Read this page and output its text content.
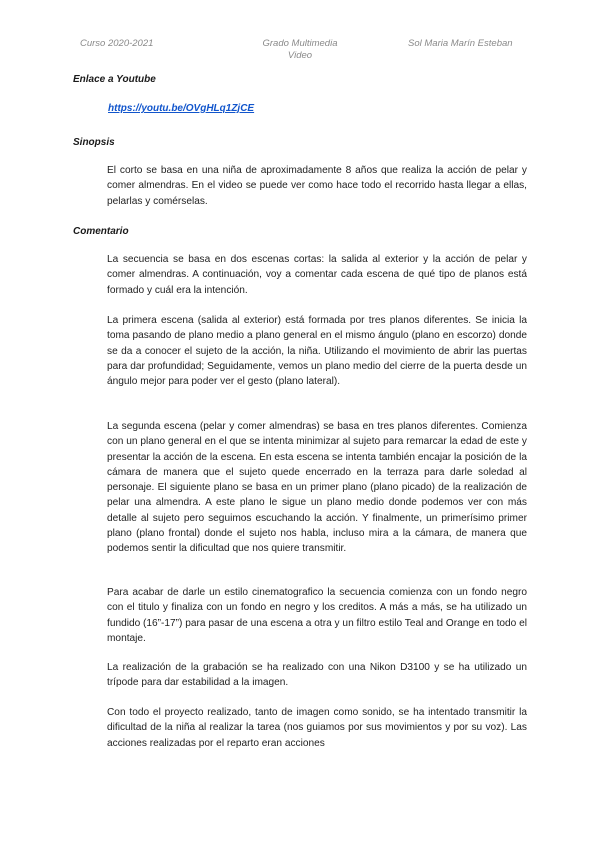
Curso 2020-2021	Grado Multimedia
Video
Sol Maria Marín Esteban
Enlace a Youtube
https://youtu.be/OVgHLq1ZjCE
Sinopsis

El corto se basa en una niña de aproximadamente 8 años que realiza la acción de pelar y comer almendras. En el video se puede ver como hace todo el recorrido hasta llegar a ellas, pelarlas y comérselas.

Comentario

La secuencia se basa en dos escenas cortas: la salida al exterior y la acción de pelar y comer almendras. A continuación, voy a comentar cada escena de qué tipo de planos está formado y cuál era la intención.

La primera escena (salida al exterior) está formada por tres planos diferentes. Se inicia la toma pasando de plano medio a plano general en el mismo ángulo (plano en escorzo) donde se da a conocer el sujeto de la acción, la niña. Utilizando el movimiento de abrir las puertas para dar profundidad; Seguidamente, vemos un plano medio del cierre de la puerta desde un ángulo mejor para poder ver el gesto (plano lateral).

La segunda escena (pelar y comer almendras) se basa en tres planos diferentes. Comienza con un plano general en el que se intenta minimizar al sujeto para remarcar la edad de este y presentar la acción de la escena. En esta escena se intenta también encajar la posición de la cámara de manera que el sujeto quede encerrado en la terraza para darle soledad al personaje. El siguiente plano se basa en un primer plano (plano picado) de la realización de pelar una almendra. A este plano le sigue un plano medio donde podemos ver con más detalle al sujeto pero seguimos escuchando la acción. Y finalmente, un primerísimo primer plano (plano frontal) donde el sujeto nos habla, incluso mira a la cámara, de manera que podemos sentir la dificultad que nos quiere transmitir.

Para acabar de darle un estilo cinematografico la secuencia comienza con un fondo negro con el titulo y finaliza con un fondo en negro y los creditos. A más a más, se ha utilizado un fundido (16”-17”) para pasar de una escena a otra y un filtro estilo Teal and Orange en todo el montaje.

La realización de la grabación se ha realizado con una Nikon D3100 y se ha utilizado un trípode para dar estabilidad a la imagen.

Con todo el proyecto realizado, tanto de imagen como sonido, se ha intentado transmitir la dificultad de la niña al realizar la tarea (nos guiamos por sus movimientos y por su voz). Las acciones realizadas por el reparto eran acciones
